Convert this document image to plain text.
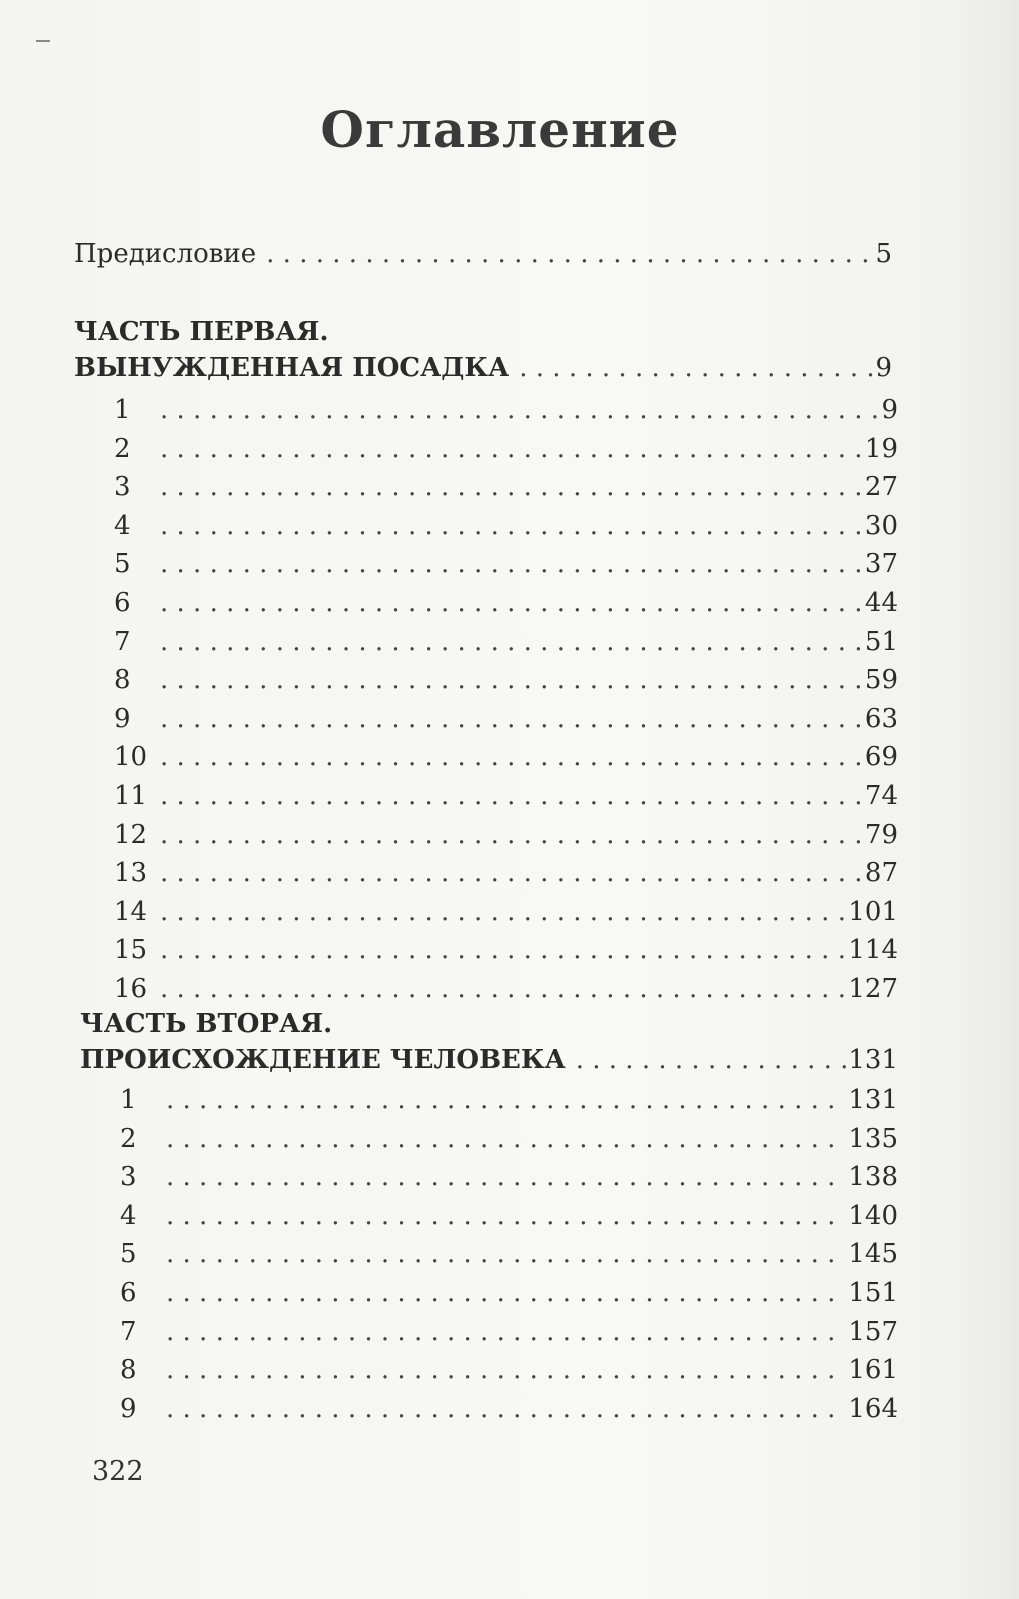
Оглавление
Предисловие . . .	5
ЧАСТЬ ПЕРВАЯ.
ВЫНУЖДЕННАЯ ПОСАДКА . . .	9
1 . . .	9
2 . . .	19
3 . . .	27
4 . . .	30
5 . . .	37
6 . . .	44
7 . . .	51
8 . . .	59
9 . . .	63
10 . . .	69
11 . . .	74
12 . . .	79
13 . . .	87
14 . . .	101
15 . . .	114
16 . . .	127
ЧАСТЬ ВТОРАЯ.
ПРОИСХОЖДЕНИЕ ЧЕЛОВЕКА . . .	131
1 . . .	131
2 . . .	135
3 . . .	138
4 . . .	140
5 . . .	145
6 . . .	151
7 . . .	157
8 . . .	161
9 . . .	164
322
